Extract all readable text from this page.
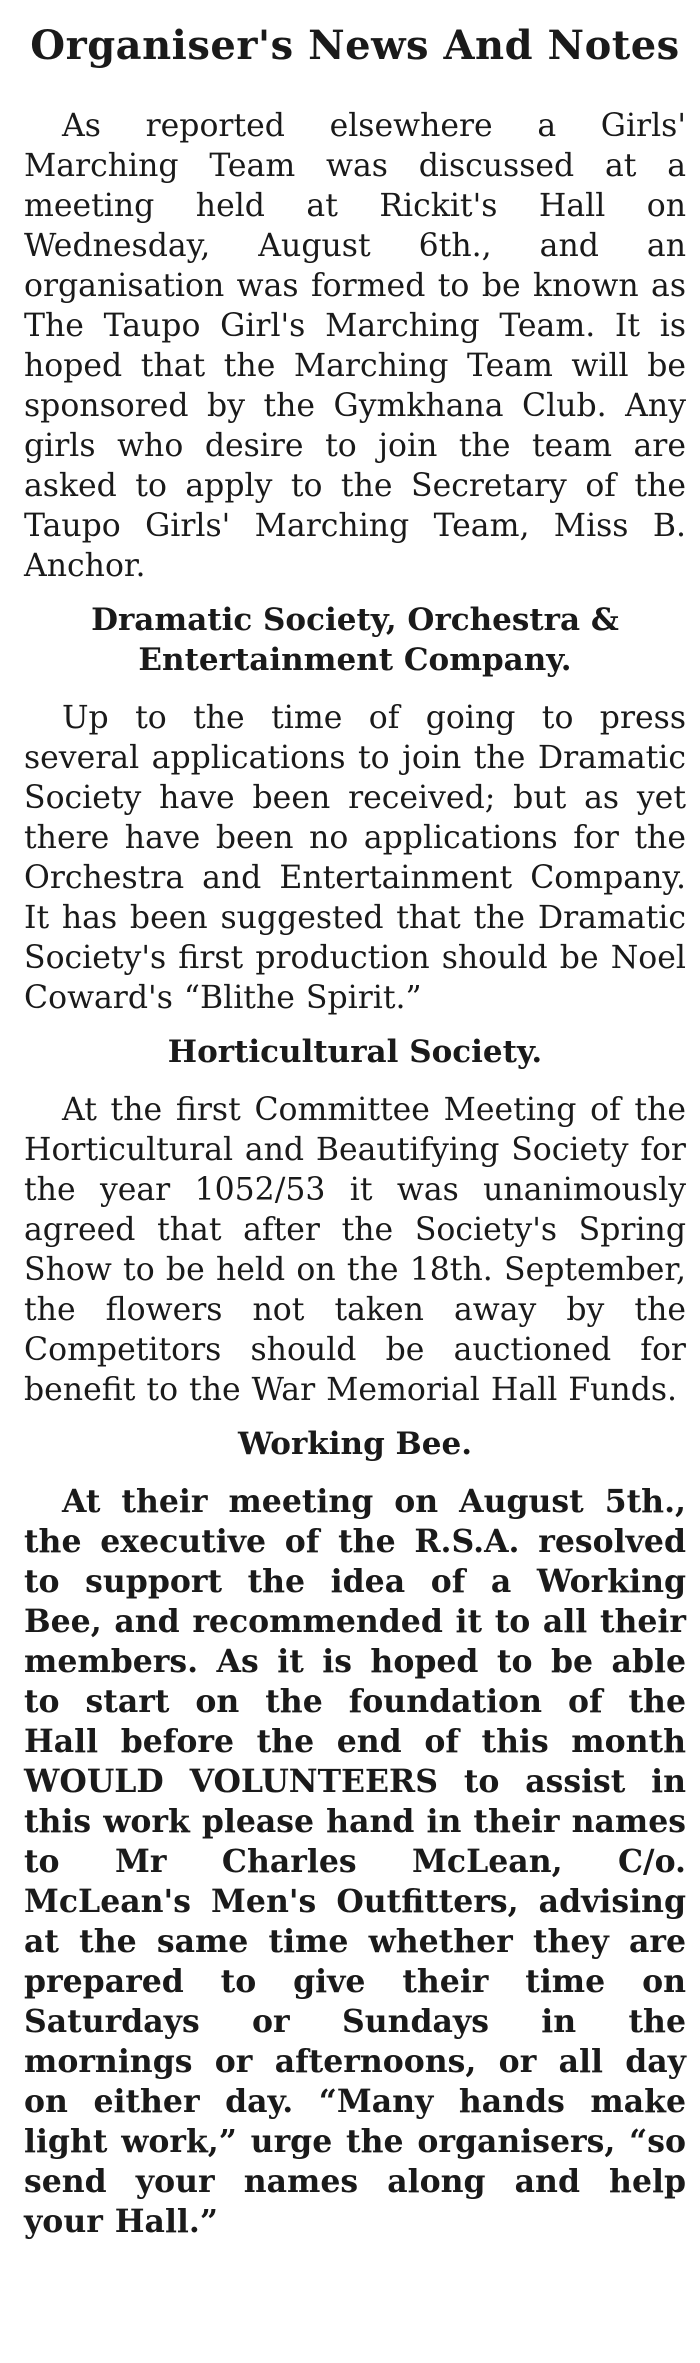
Organiser's News And Notes

As reported elsewhere a Girls' Marching Team was discussed at a meeting held at Rickit's Hall on Wednesday, August 6th., and an organisation was formed to be known as The Taupo Girl's Marching Team. It is hoped that the Marching Team will be sponsored by the Gymkhana Club. Any girls who desire to join the team are asked to apply to the Secretary of the Taupo Girls' Marching Team, Miss B. Anchor.

Dramatic Society, Orchestra &
Entertainment Company.

Up to the time of going to press several applications to join the Dramatic Society have been received; but as yet there have been no applications for the Orchestra and Entertainment Company. It has been suggested that the Dramatic Society's first production should be Noel Coward's “Blithe Spirit.”

Horticultural Society.

At the first Committee Meeting of the Horticultural and Beautifying Society for the year 1052/53 it was unanimously agreed that after the Society's Spring Show to be held on the 18th. September, the flowers not taken away by the Competitors should be auctioned for benefit to the War Memorial Hall Funds.

Working Bee.

At their meeting on August 5th., the executive of the R.S.A. resolved to support the idea of a Working Bee, and recommended it to all their members. As it is hoped to be able to start on the foundation of the Hall before the end of this month WOULD VOLUNTEERS to assist in this work please hand in their names to Mr Charles McLean, C/o. McLean's Men's Outfitters, advising at the same time whether they are prepared to give their time on Saturdays or Sundays in the mornings or afternoons, or all day on either day. “Many hands make light work,” urge the organisers, “so send your names along and help your Hall.”
